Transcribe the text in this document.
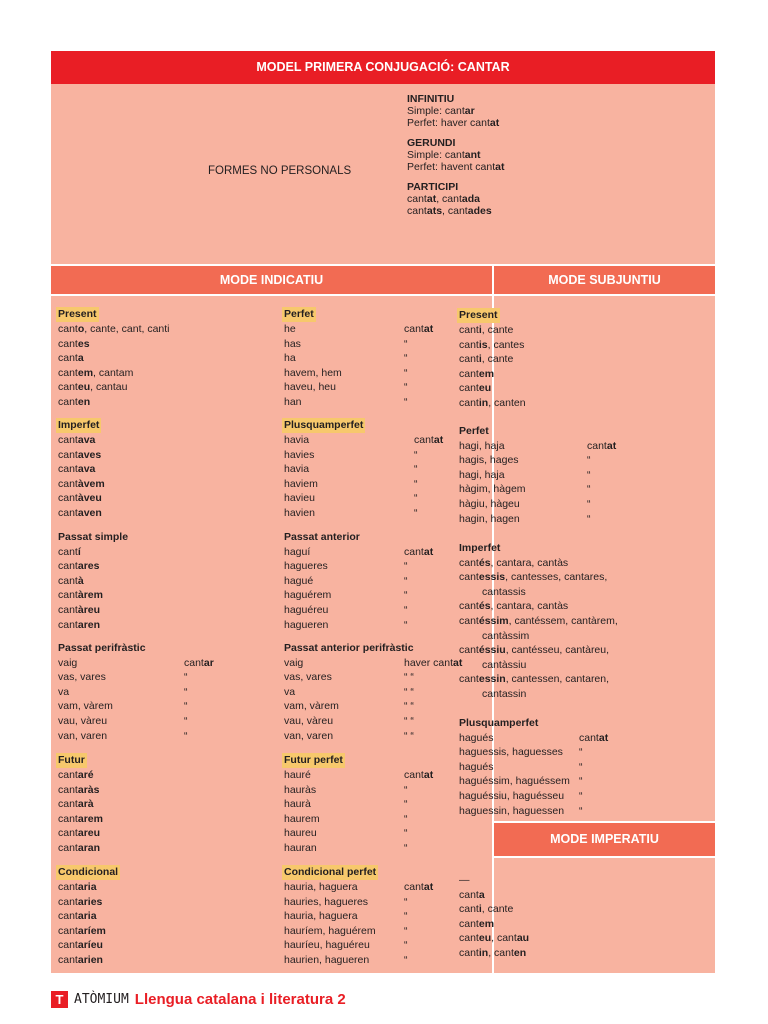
MODEL PRIMERA CONJUGACIÓ: CANTAR
FORMES NO PERSONALS
INFINITIU
Simple: cantar
Perfet: haver cantat
GERUNDI
Simple: cantant
Perfet: havent cantat
PARTICIPI
cantat, cantada
cantats, cantades
MODE INDICATIU	MODE SUBJUNTIU
MODE IMPERATIU
Present
canto, cante, cant, canti
cantes
canta
cantem, cantam
canteu, cantau
canten
Perfet
he	cantat
has	“
ha	“
havem, hem	“
haveu, heu	“
han	“
Imperfet
cantava
cantaves
cantava
cantàvem
cantàveu
cantaven
Plusquamperfet
havia	cantat
havies	“
havia	“
haviem	“
havieu	“
havien	“
Passat simple
cantí
cantares
cantà
cantàrem
cantàreu
cantaren
Passat anterior
haguí	cantat
hagueres	“
hagué	“
haguérem	“
haguéreu	“
hagueren	“
Passat perifràstic
vaig	cantar
vas, vares	“
va	“
vam, vàrem	“
vau, vàreu	“
van, varen	“
Passat anterior perifràstic
vaig	haver cantat
vas, vares	“ “
va	“ “
vam, vàrem	“ “
vau, vàreu	“ “
van, varen	“ “
Futur
cantaré
cantaràs
cantarà
cantarem
cantareu
cantaran
Futur perfet
hauré	cantat
hauràs	“
haurà	“
haurem	“
haureu	“
hauran	“
Condicional
cantaria
cantaries
cantaria
cantaríem
cantaríeu
cantarien
Condicional perfet
hauria, haguera	cantat
hauries, hagueres	“
hauria, haguera	“
hauríem, haguérem	“
hauríeu, haguéreu	“
haurien, hagueren	“
Present
canti, cante
cantis, cantes
canti, cante
cantem
canteu
cantin, canten
Perfet
hagi, haja	cantat
hagis, hages	“
hagi, haja	“
hàgim, hàgem	“
hàgiu, hàgeu	“
hagin, hagen	“
Imperfet
cantés, cantara, cantàs
cantessis, cantesses, cantares,
cantassis
cantés, cantara, cantàs
cantéssim, cantéssem, cantàrem,
cantàssim
cantéssiu, cantésseu, cantàreu,
cantàssiu
cantessin, cantessen, cantaren,
cantassin
Plusquamperfet
hagués	cantat
haguessis, haguesses “
hagués	“
haguéssim, haguéssem “
haguéssiu, haguésseu “
haguessin, haguessen “
—
canta
canti, cante
cantem
canteu, cantau
cantin, canten
T ATÒMIUM Llengua catalana i literatura 2
